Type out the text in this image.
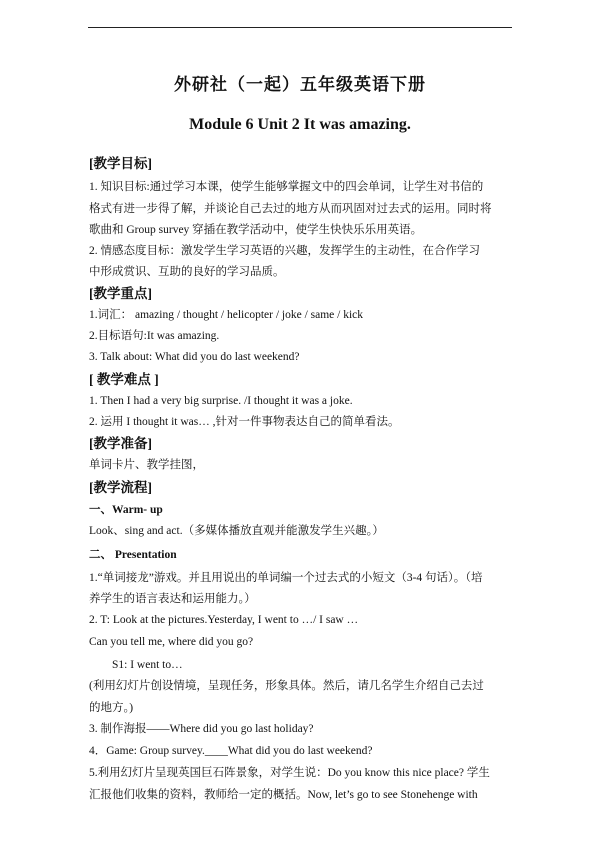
外研社（一起）五年级英语下册
Module 6 Unit 2 It was amazing.
[教学目标]
1. 知识目标:通过学习本课，使学生能够掌握文中的四会单词，让学生对书信的
格式有进一步得了解，并谈论自己去过的地方从而巩固对过去式的运用。同时将
歌曲和 Group survey 穿插在教学活动中，使学生快快乐乐用英语。
2. 情感态度目标：激发学生学习英语的兴趣，发挥学生的主动性，在合作学习
中形成赏识、互助的良好的学习品质。
[教学重点]
1.词汇： amazing / thought / helicopter / joke / same / kick
2.目标语句:It was amazing.
3. Talk about: What did you do last weekend?
[ 教学难点 ]
1. Then I had a very big surprise. /I thought it was a joke.
2. 运用 I thought it was… ,针对一件事物表达自己的简单看法。
[教学准备]
单词卡片、教学挂图，
[教学流程]
一、Warm- up
Look、sing and act.（多媒体播放直观并能激发学生兴趣。）
二、 Presentation
1.“单词接龙”游戏。并且用说出的单词编一个过去式的小短文（3-4 句话）。（培
养学生的语言表达和运用能力。）
2. T: Look at the pictures.Yesterday, I went to …/ I saw …
Can you tell me, where did you go?
S1: I went to…
(利用幻灯片创设情境，呈现任务，形象具体。然后，请几名学生介绍自己去过
的地方。)
3. 制作海报——Where did you go last holiday?
4．Game: Group survey.____What did you do last weekend?
5.利用幻灯片呈现英国巨石阵景象，对学生说：Do you know this nice place? 学生
汇报他们收集的资料，教师给一定的概括。Now, let’s go to see Stonehenge with
